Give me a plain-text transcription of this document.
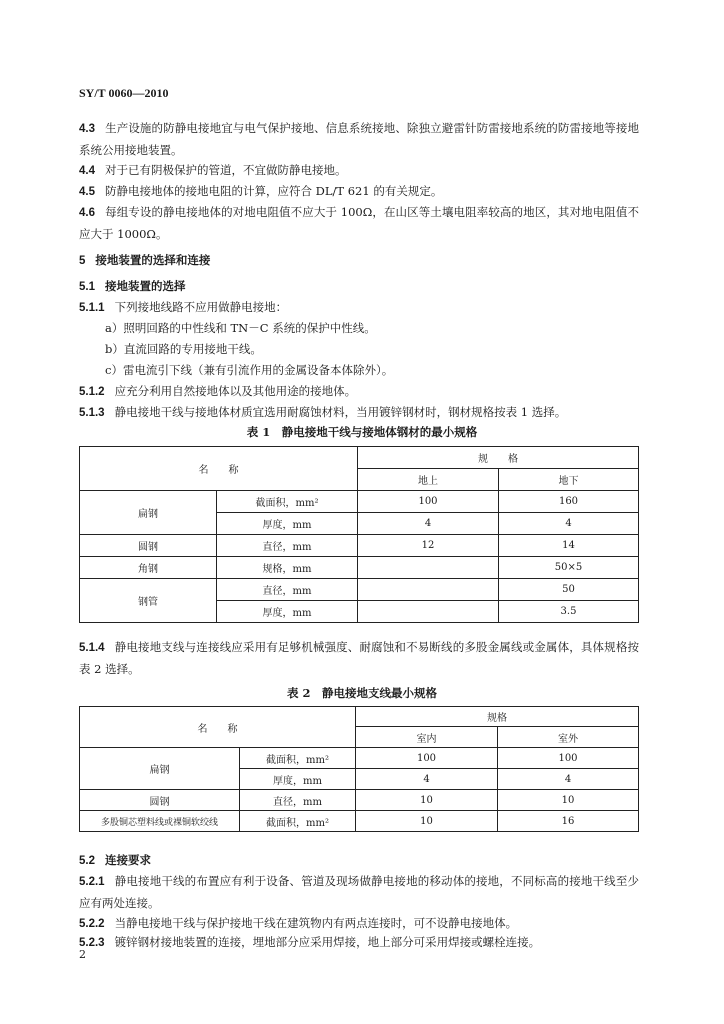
SY/T 0060—2010
4.3 生产设施的防静电接地宜与电气保护接地、信息系统接地、除独立避雷针防雷接地系统的防雷接地等接地系统公用接地装置。
4.4 对于已有阴极保护的管道，不宜做防静电接地。
4.5 防静电接地体的接地电阻的计算，应符合 DL/T 621 的有关规定。
4.6 每组专设的静电接地体的对地电阻值不应大于 100Ω，在山区等土壤电阻率较高的地区，其对地电阻值不应大于 1000Ω。
5 接地装置的选择和连接
5.1 接地装置的选择
5.1.1 下列接地线路不应用做静电接地：
a）照明回路的中性线和 TN－C 系统的保护中性线。
b）直流回路的专用接地干线。
c）雷电流引下线（兼有引流作用的金属设备本体除外）。
5.1.2 应充分利用自然接地体以及其他用途的接地体。
5.1.3 静电接地干线与接地体材质宜选用耐腐蚀材料，当用镀锌钢材时，钢材规格按表 1 选择。
表 1　静电接地干线与接地体钢材的最小规格
名　　称		规　　格	
		地上	地下
扁钢	截面积，mm²	100	160
	厚度，mm	4	4
圆钢	直径，mm	12	14
角钢	规格，mm		50×5
钢管	直径，mm		50
	厚度，mm		3.5
5.1.4 静电接地支线与连接线应采用有足够机械强度、耐腐蚀和不易断线的多股金属线或金属体，具体规格按表 2 选择。
表 2　静电接地支线最小规格
名　　称		规格	
		室内	室外
扁钢	截面积，mm²	100	100
	厚度，mm	4	4
圆钢	直径，mm	10	10
多股铜芯塑料线或裸铜软绞线	截面积，mm²	10	16
5.2 连接要求
5.2.1 静电接地干线的布置应有利于设备、管道及现场做静电接地的移动体的接地，不同标高的接地干线至少应有两处连接。
5.2.2 当静电接地干线与保护接地干线在建筑物内有两点连接时，可不设静电接地体。
5.2.3 镀锌钢材接地装置的连接，埋地部分应采用焊接，地上部分可采用焊接或螺栓连接。
2
